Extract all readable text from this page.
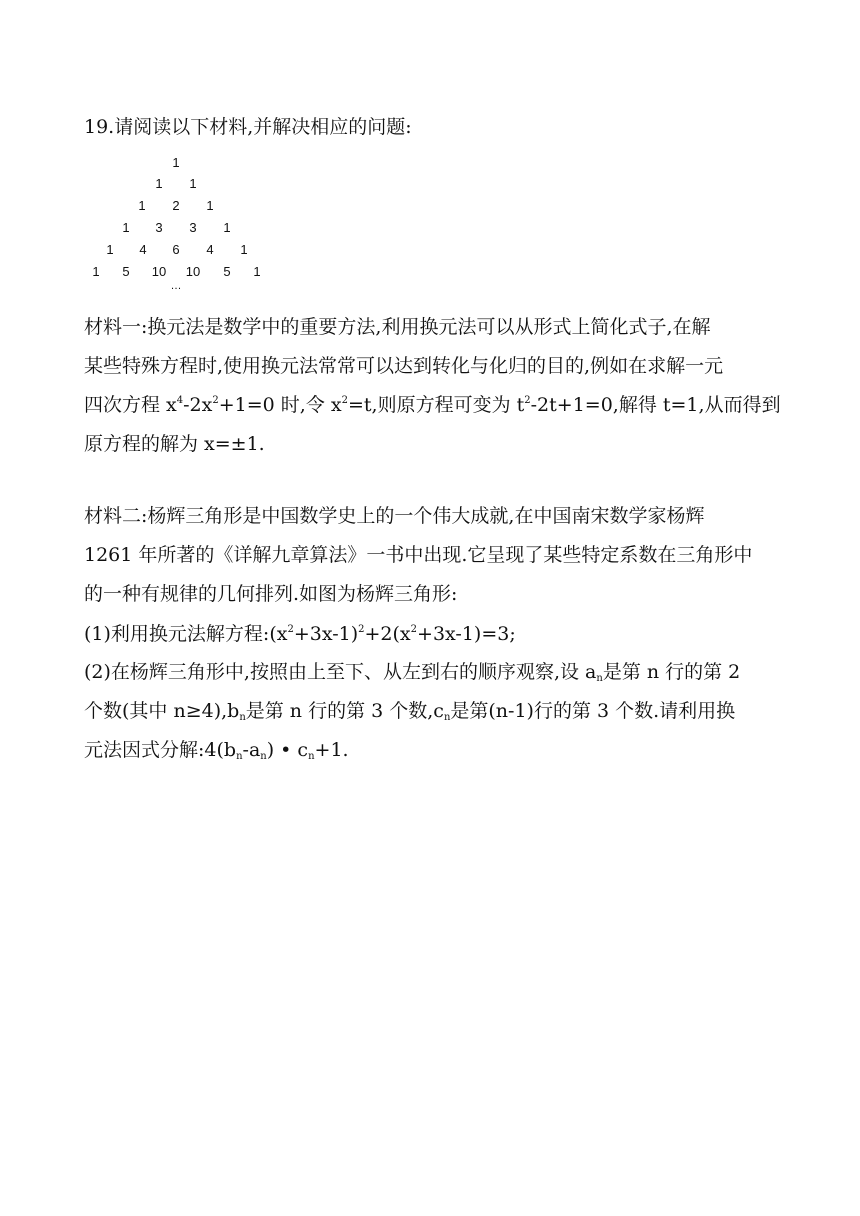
19.请阅读以下材料,并解决相应的问题:
1
1 1
1 2 1
1 3 3 1
1 4 6 4 1
1 5 10 10 5 1
…
材料一:换元法是数学中的重要方法,利用换元法可以从形式上简化式子,在解
某些特殊方程时,使用换元法常常可以达到转化与化归的目的,例如在求解一元
四次方程 $x^4-2x^2+1=0$ 时,令 $x^2=t$,则原方程可变为 $t^2-2t+1=0$,解得 t=1,从而得到
原方程的解为 x=±1.
材料二:杨辉三角形是中国数学史上的一个伟大成就,在中国南宋数学家杨辉
1261 年所著的《详解九章算法》一书中出现.它呈现了某些特定系数在三角形中
的一种有规律的几何排列.如图为杨辉三角形:
(1)利用换元法解方程$:(x^2+3x-1)^2+2(x^2+3x-1)=3$;
(2)在杨辉三角形中,按照由上至下、从左到右的顺序观察,设 an是第 n 行的第 2
个数(其中 n≥4),bn是第 n 行的第 3 个数,cn是第(n-1)行的第 3 个数.请利用换
元法因式分解:4(bn-an) • cn+1.
